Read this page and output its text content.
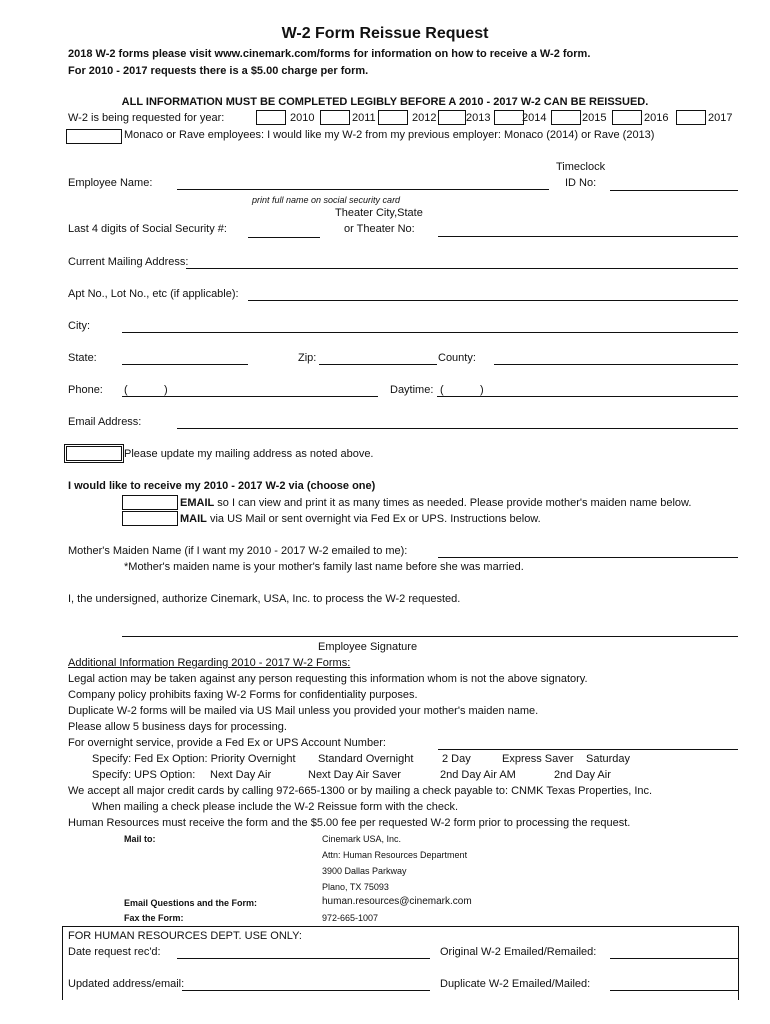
W-2 Form Reissue Request
2018 W-2 forms please visit www.cinemark.com/forms for information on how to receive a W-2 form.
For 2010 - 2017 requests there is a $5.00 charge per form.
ALL INFORMATION MUST BE COMPLETED LEGIBLY BEFORE A 2010 - 2017 W-2 CAN BE REISSUED.
W-2 is being requested for year:	2010	2011	2012	2013	2014	2015	2016	2017
Monaco or Rave employees: I would like my W-2 from my previous employer: Monaco (2014) or Rave (2013)
Timeclock
ID No:
Employee Name:
print full name on social security card
Theater City,State
or Theater No:
Last 4 digits of Social Security #:
Current Mailing Address:
Apt No., Lot No., etc (if applicable):
City:
State:	Zip:	County:
Phone: (	)	Daytime: (	)
Email Address:
Please update my mailing address as noted above.
I would like to receive my 2010 - 2017 W-2 via (choose one)
EMAIL so I can view and print it as many times as needed. Please provide mother's maiden name below.
MAIL via US Mail or sent overnight via Fed Ex or UPS. Instructions below.
Mother's Maiden Name (if I want my 2010 - 2017 W-2 emailed to me):
*Mother's maiden name is your mother's family last name before she was married.
I, the undersigned, authorize Cinemark, USA, Inc. to process the W-2 requested.
Employee Signature
Additional Information Regarding 2010 - 2017 W-2 Forms:
Legal action may be taken against any person requesting this information whom is not the above signatory.
Company policy prohibits faxing W-2 Forms for confidentiality purposes.
Duplicate W-2 forms will be mailed via US Mail unless you provided your mother's maiden name.
Please allow 5 business days for processing.
For overnight service, provide a Fed Ex or UPS Account Number:
Specify: Fed Ex Option: Priority Overnight Standard Overnight	2 Day	Express Saver Saturday
Specify: UPS Option: Next Day Air	Next Day Air Saver	2nd Day Air AM	2nd Day Air
We accept all major credit cards by calling 972-665-1300 or by mailing a check payable to: CNMK Texas Properties, Inc.
When mailing a check please include the W-2 Reissue form with the check.
Human Resources must receive the form and the $5.00 fee per requested W-2 form prior to processing the request.
Mail to:	Cinemark USA, Inc.
Attn: Human Resources Department
3900 Dallas Parkway
Plano, TX 75093
Email Questions and the Form:	human.resources@cinemark.com
Fax the Form:	972-665-1007
FOR HUMAN RESOURCES DEPT. USE ONLY:
Date request rec'd:	Original W-2 Emailed/Remailed:
Updated address/email:	Duplicate W-2 Emailed/Mailed:
